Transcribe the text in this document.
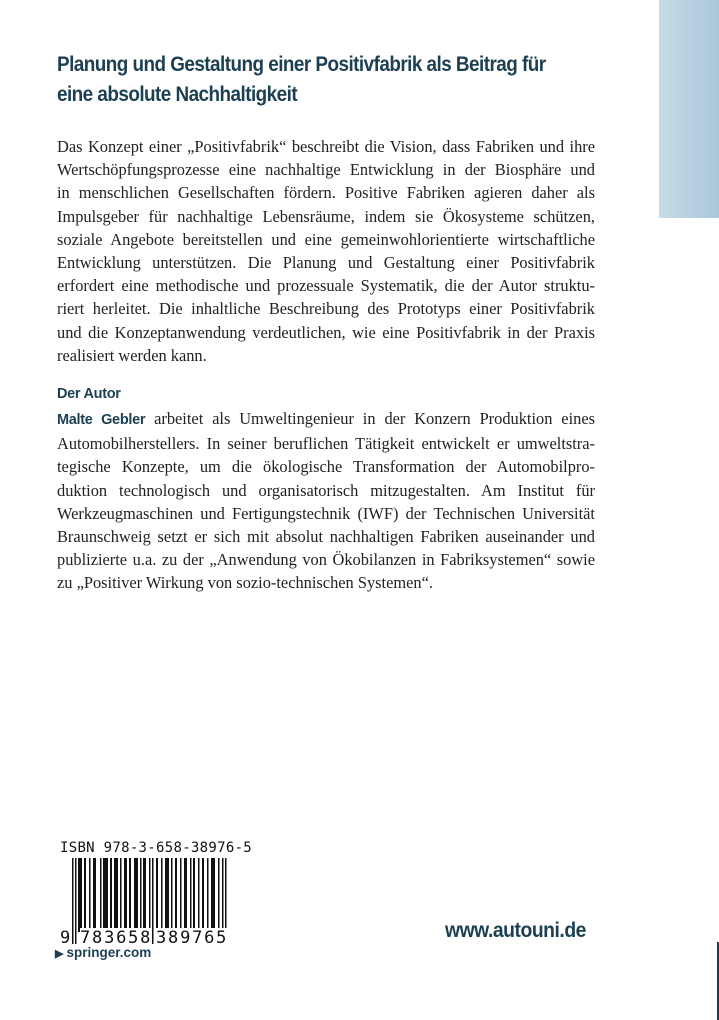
Planung und Gestaltung einer Positivfabrik als Beitrag für
eine absolute Nachhaltigkeit
Das Konzept einer „Positivfabrik“ beschreibt die Vision, dass Fabriken und ihre
Wertschöpfungsprozesse eine nachhaltige Entwicklung in der Biosphäre und
in menschlichen Gesellschaften fördern. Positive Fabriken agieren daher als
Impulsgeber für nachhaltige Lebensräume, indem sie Ökosysteme schützen,
soziale Angebote bereitstellen und eine gemeinwohlorientierte wirtschaftliche
Entwicklung unterstützen. Die Planung und Gestaltung einer Positivfabrik
erfordert eine methodische und prozessuale Systematik, die der Autor struktu-
riert herleitet. Die inhaltliche Beschreibung des Prototyps einer Positivfabrik
und die Konzeptanwendung verdeutlichen, wie eine Positivfabrik in der Praxis
realisiert werden kann.
Der Autor
Malte Gebler arbeitet als Umweltingenieur in der Konzern Produktion eines
Automobilherstellers. In seiner beruflichen Tätigkeit entwickelt er umweltstra-
tegische Konzepte, um die ökologische Transformation der Automobilpro-
duktion technologisch und organisatorisch mitzugestalten. Am Institut für
Werkzeugmaschinen und Fertigungstechnik (IWF) der Technischen Universität
Braunschweig setzt er sich mit absolut nachhaltigen Fabriken auseinander und
publizierte u.a. zu der „Anwendung von Ökobilanzen in Fabriksystemen“ sowie
zu „Positiver Wirkung von sozio-technischen Systemen“.
ISBN 978-3-658-38976-5
9 783658 389765
▶ springer.com
www.autouni.de
